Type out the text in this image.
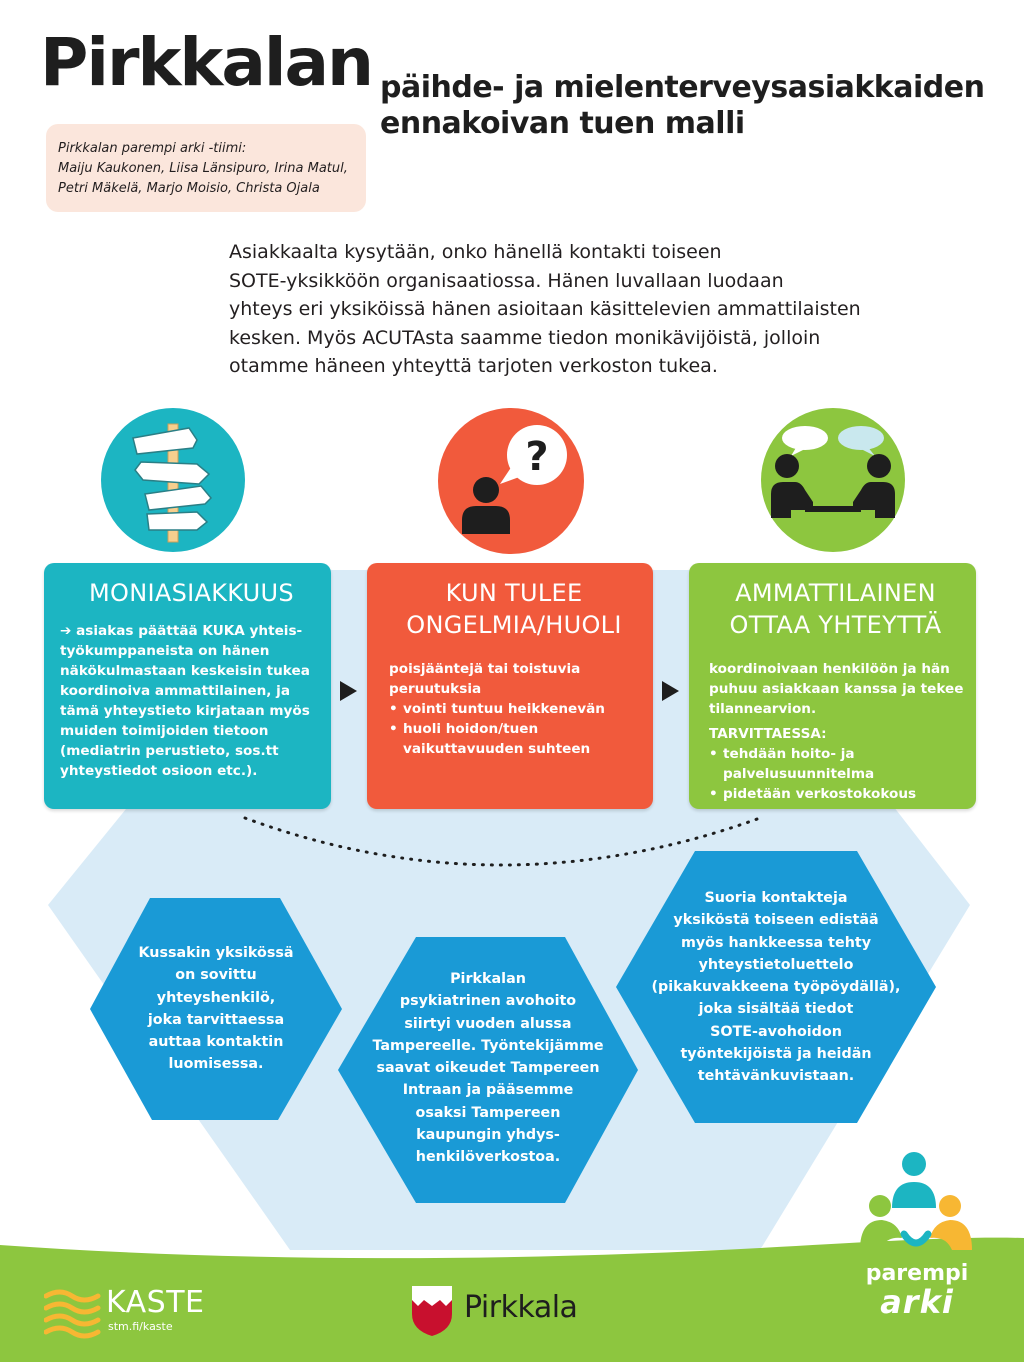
Pirkkalan päihde- ja mielenterveysasiakkaiden
ennakoivan tuen malli
Pirkkalan parempi arki -tiimi:
Maiju Kaukonen, Liisa Länsipuro, Irina Matul,
Petri Mäkelä, Marjo Moisio, Christa Ojala
Asiakkaalta kysytään, onko hänellä kontakti toiseen
SOTE-yksikköön organisaatiossa. Hänen luvallaan luodaan
yhteys eri yksiköissä hänen asioitaan käsittelevien ammattilaisten
kesken. Myös ACUTAsta saamme tiedon monikävijöistä, jolloin
otamme häneen yhteyttä tarjoten verkoston tukea.
?
MONIASIAKKUUS
➔ asiakas päättää KUKA yhteis-
työkumppaneista on hänen
näkökulmastaan keskeisin tukea
koordinoiva ammattilainen, ja
tämä yhteystieto kirjataan myös
muiden toimijoiden tietoon
(mediatrin perustieto, sos.tt
yhteystiedot osioon etc.).
KUN TULEE
ONGELMIA/HUOLI
poisjääntejä tai toistuvia
peruutuksia
• vointi tuntuu heikkenevän
• huoli hoidon/tuen
vaikuttavuuden suhteen
AMMATTILAINEN
OTTAA YHTEYTTÄ
koordinoivaan henkilöön ja hän
puhuu asiakkaan kanssa ja tekee
tilannearvion.
TARVITTAESSA:
• tehdään hoito- ja
palvelusuunnitelma
• pidetään verkostokokous
Kussakin yksikössä
on sovittu
yhteyshenkilö,
joka tarvittaessa
auttaa kontaktin
luomisessa.
Pirkkalan
psykiatrinen avohoito
siirtyi vuoden alussa
Tampereelle. Työntekijämme
saavat oikeudet Tampereen
Intraan ja pääsemme
osaksi Tampereen
kaupungin yhdys-
henkilöverkostoa.
Suoria kontakteja
yksiköstä toiseen edistää
myös hankkeessa tehty
yhteystietoluettelo
(pikakuvakkeena työpöydällä),
joka sisältää tiedot
SOTE-avohoidon
työntekijöistä ja heidän
tehtävänkuvistaan.
parempi
arki
KASTE
stm.fi/kaste
Pirkkala
